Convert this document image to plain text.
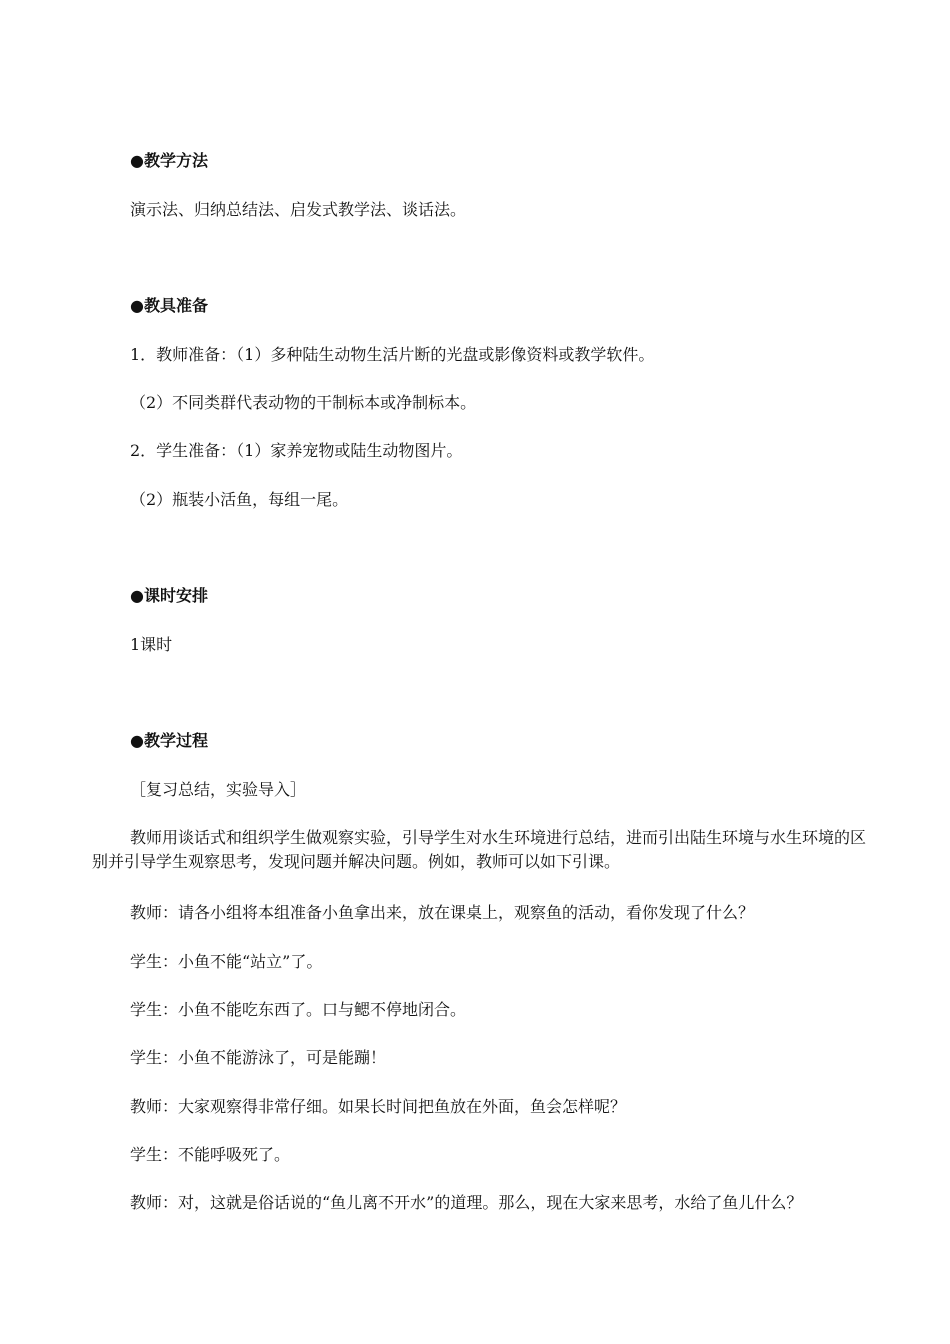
●教学方法
演示法、归纳总结法、启发式教学法、谈话法。
●教具准备
1．教师准备：（1）多种陆生动物生活片断的光盘或影像资料或教学软件。
（2）不同类群代表动物的干制标本或净制标本。
2．学生准备：（1）家养宠物或陆生动物图片。
（2）瓶装小活鱼，每组一尾。
●课时安排
1课时
●教学过程
［复习总结，实验导入］
教师用谈话式和组织学生做观察实验，引导学生对水生环境进行总结，进而引出陆生环境与水生环境的区别并引导学生观察思考，发现问题并解决问题。例如，教师可以如下引课。
教师：请各小组将本组准备小鱼拿出来，放在课桌上，观察鱼的活动，看你发现了什么？
学生：小鱼不能“站立”了。
学生：小鱼不能吃东西了。口与鳃不停地闭合。
学生：小鱼不能游泳了，可是能蹦！
教师：大家观察得非常仔细。如果长时间把鱼放在外面，鱼会怎样呢？
学生：不能呼吸死了。
教师：对，这就是俗话说的“鱼儿离不开水”的道理。那么，现在大家来思考，水给了鱼儿什么？
